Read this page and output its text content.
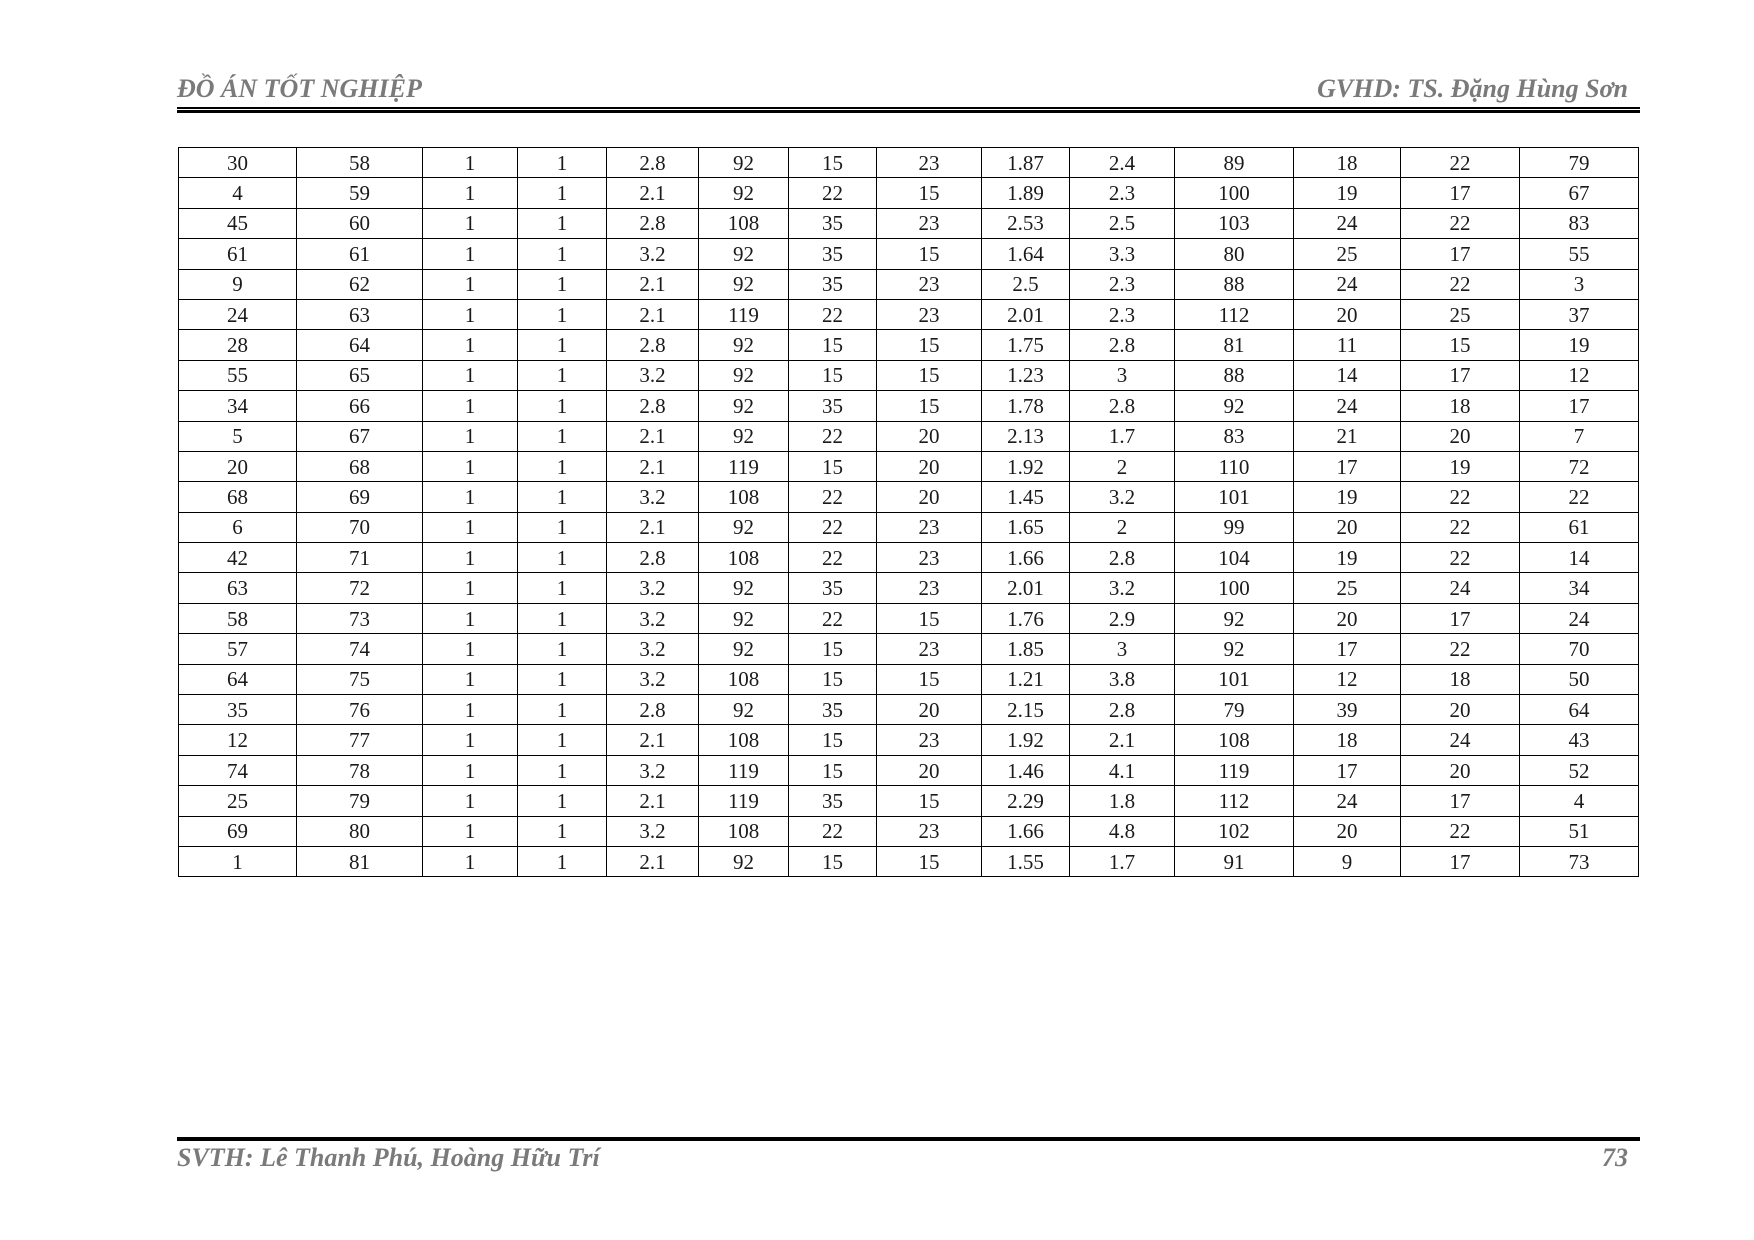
ĐỒ ÁN TỐT NGHIỆP	GVHD: TS. Đặng Hùng Sơn
30	58	1	1	2.8	92	15	23	1.87	2.4	89	18	22	79
4	59	1	1	2.1	92	22	15	1.89	2.3	100	19	17	67
45	60	1	1	2.8	108	35	23	2.53	2.5	103	24	22	83
61	61	1	1	3.2	92	35	15	1.64	3.3	80	25	17	55
9	62	1	1	2.1	92	35	23	2.5	2.3	88	24	22	3
24	63	1	1	2.1	119	22	23	2.01	2.3	112	20	25	37
28	64	1	1	2.8	92	15	15	1.75	2.8	81	11	15	19
55	65	1	1	3.2	92	15	15	1.23	3	88	14	17	12
34	66	1	1	2.8	92	35	15	1.78	2.8	92	24	18	17
5	67	1	1	2.1	92	22	20	2.13	1.7	83	21	20	7
20	68	1	1	2.1	119	15	20	1.92	2	110	17	19	72
68	69	1	1	3.2	108	22	20	1.45	3.2	101	19	22	22
6	70	1	1	2.1	92	22	23	1.65	2	99	20	22	61
42	71	1	1	2.8	108	22	23	1.66	2.8	104	19	22	14
63	72	1	1	3.2	92	35	23	2.01	3.2	100	25	24	34
58	73	1	1	3.2	92	22	15	1.76	2.9	92	20	17	24
57	74	1	1	3.2	92	15	23	1.85	3	92	17	22	70
64	75	1	1	3.2	108	15	15	1.21	3.8	101	12	18	50
35	76	1	1	2.8	92	35	20	2.15	2.8	79	39	20	64
12	77	1	1	2.1	108	15	23	1.92	2.1	108	18	24	43
74	78	1	1	3.2	119	15	20	1.46	4.1	119	17	20	52
25	79	1	1	2.1	119	35	15	2.29	1.8	112	24	17	4
69	80	1	1	3.2	108	22	23	1.66	4.8	102	20	22	51
1	81	1	1	2.1	92	15	15	1.55	1.7	91	9	17	73
SVTH: Lê Thanh Phú, Hoàng Hữu Trí	73
